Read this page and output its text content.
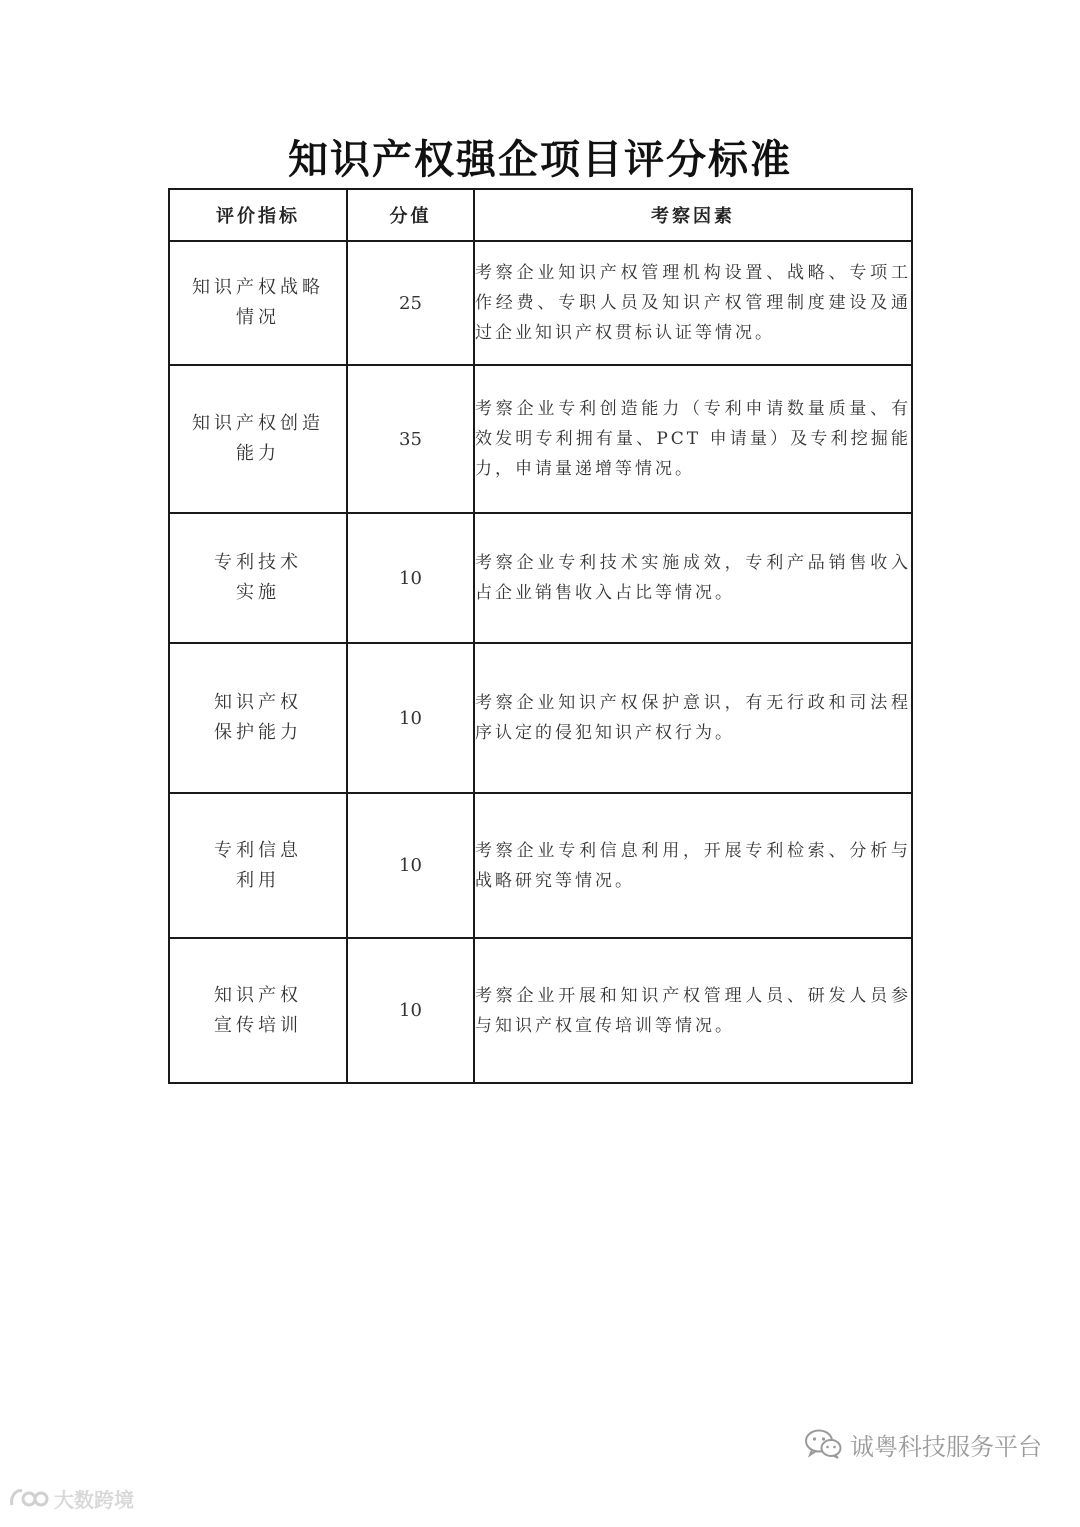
知识产权强企项目评分标准
评价指标	分值	考察因素

知识产权战略
情况	25	考察企业知识产权管理机构设置、战略、专项工作经费、专职人员及知识产权管理制度建设及通过企业知识产权贯标认证等情况。

知识产权创造
能力	35	考察企业专利创造能力（专利申请数量质量、有效发明专利拥有量、PCT 申请量）及专利挖掘能力，申请量递增等情况。

专利技术
实施	10	考察企业专利技术实施成效，专利产品销售收入占企业销售收入占比等情况。

知识产权
保护能力	10	考察企业知识产权保护意识，有无行政和司法程序认定的侵犯知识产权行为。

专利信息
利用	10	考察企业专利信息利用，开展专利检索、分析与战略研究等情况。

知识产权
宣传培训	10	考察企业开展和知识产权管理人员、研发人员参与知识产权宣传培训等情况。
诚粤科技服务平台
大数跨境
